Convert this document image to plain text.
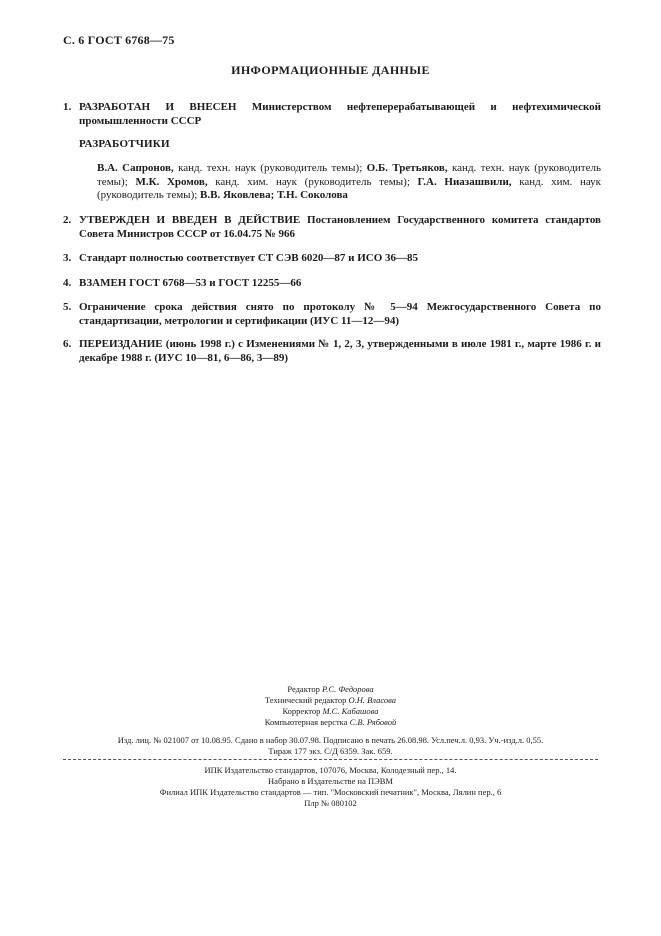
С. 6 ГОСТ 6768—75
ИНФОРМАЦИОННЫЕ ДАННЫЕ
1. РАЗРАБОТАН И ВНЕСЕН Министерством нефтеперерабатывающей и нефтехимической промышленности СССР
РАЗРАБОТЧИКИ
В.А. Сапронов, канд. техн. наук (руководитель темы); О.Б. Третьяков, канд. техн. наук (руководитель темы); М.К. Хромов, канд. хим. наук (руководитель темы); Г.А. Ниазашвили, канд. хим. наук (руководитель темы); В.В. Яковлева; Т.Н. Соколова
2. УТВЕРЖДЕН И ВВЕДЕН В ДЕЙСТВИЕ Постановлением Государственного комитета стандартов Совета Министров СССР от 16.04.75 № 966
3. Стандарт полностью соответствует СТ СЭВ 6020—87 и ИСО 36—85
4. ВЗАМЕН ГОСТ 6768—53 и ГОСТ 12255—66
5. Ограничение срока действия снято по протоколу № 5—94 Межгосударственного Совета по стандартизации, метрологии и сертификации (ИУС 11—12—94)
6. ПЕРЕИЗДАНИЕ (июнь 1998 г.) с Изменениями № 1, 2, 3, утвержденными в июле 1981 г., марте 1986 г. и декабре 1988 г. (ИУС 10—81, 6—86, 3—89)
Редактор Р.С. Федорова
Технический редактор О.Н. Власова
Корректор М.С. Кабашова
Компьютерная верстка С.В. Рябовой
Изд. лиц. № 021007 от 10.08.95. Сдано в набор 30.07.98. Подписано в печать 26.08.98. Усл.печ.л. 0,93. Уч.-изд.л. 0,55.
Тираж 177 экз. С/Д 6359. Зак. 659.
ИПК Издательство стандартов, 107076, Москва, Колодезный пер., 14.
Набрано в Издательстве на ПЭВМ
Филиал ИПК Издательство стандартов — тип. "Московский печатник", Москва, Лялин пер., 6
Плр № 080102
